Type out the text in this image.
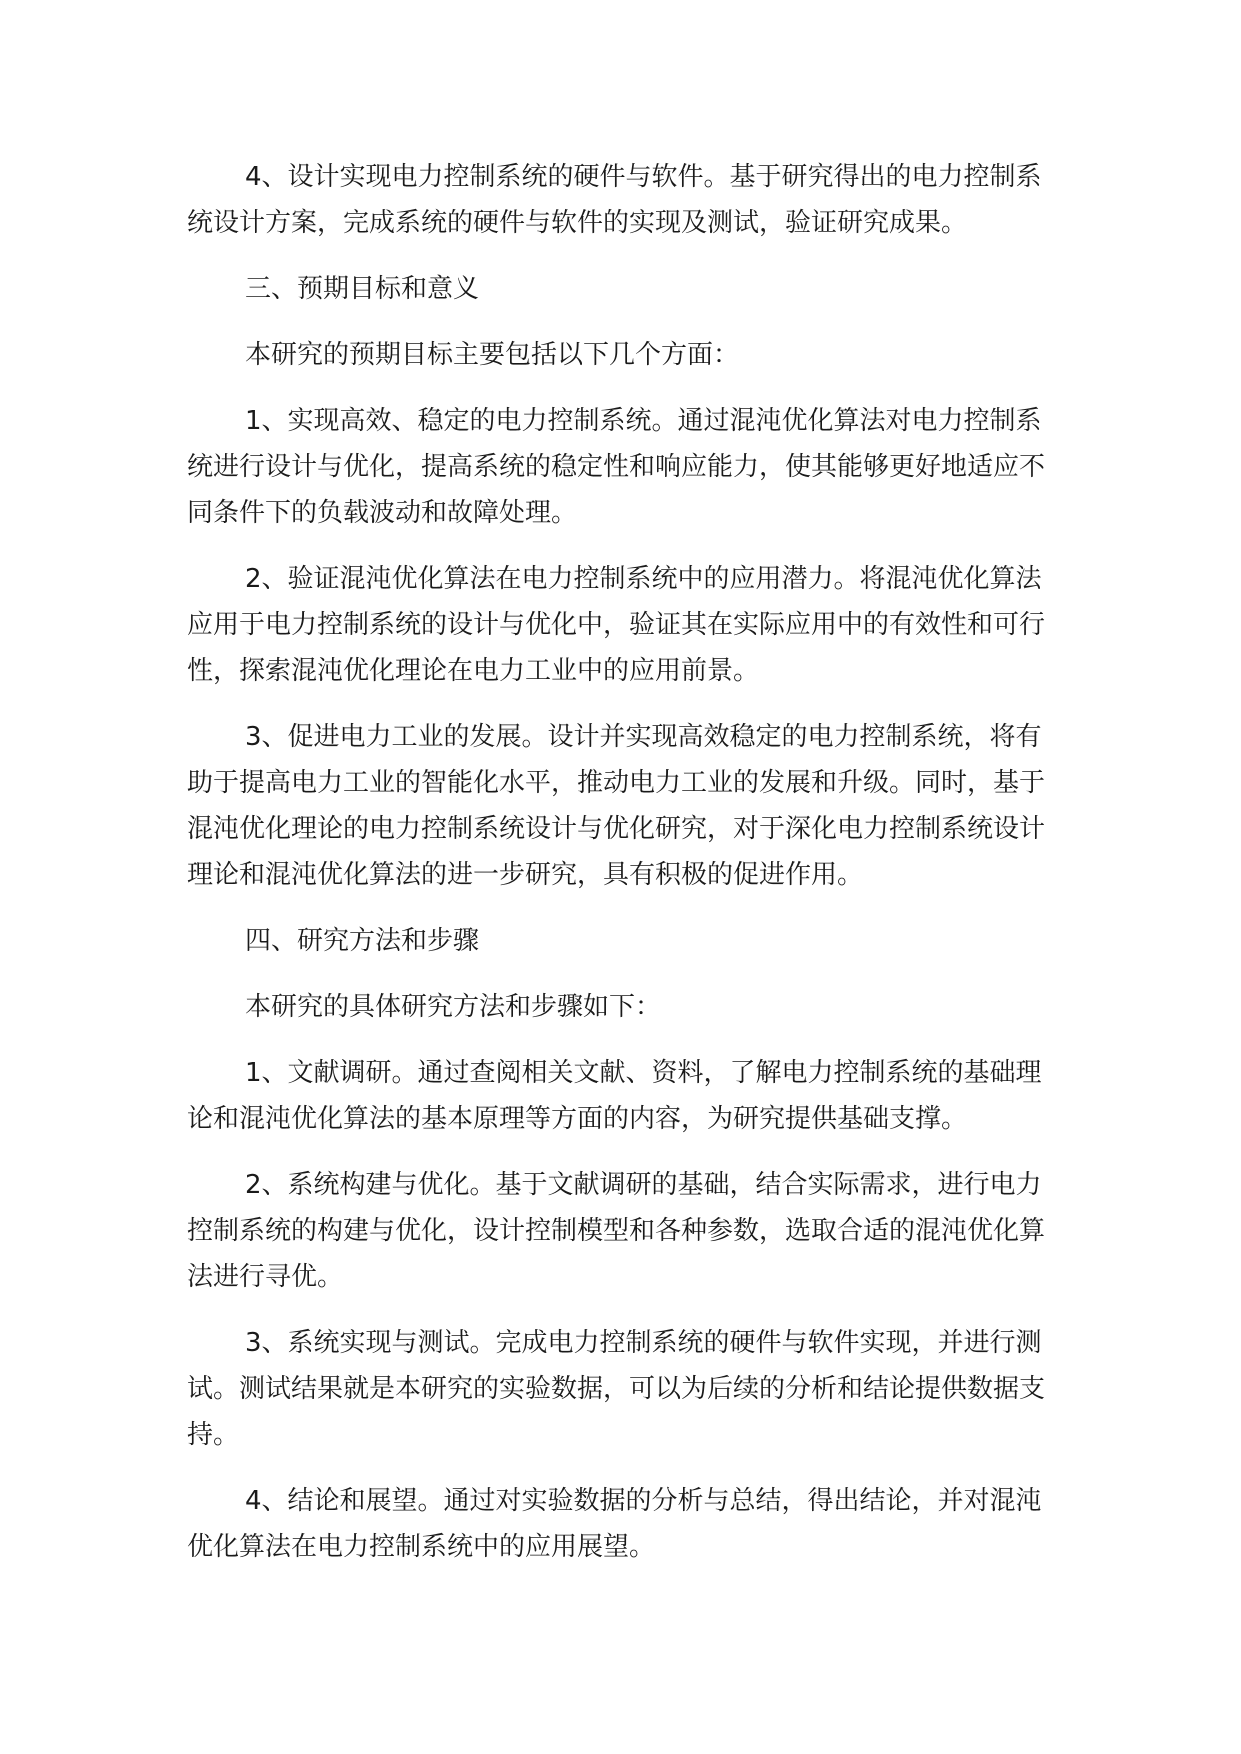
4、设计实现电力控制系统的硬件与软件。基于研究得出的电力控制系统设计方案，完成系统的硬件与软件的实现及测试，验证研究成果。

三、预期目标和意义

本研究的预期目标主要包括以下几个方面：

1、实现高效、稳定的电力控制系统。通过混沌优化算法对电力控制系统进行设计与优化，提高系统的稳定性和响应能力，使其能够更好地适应不同条件下的负载波动和故障处理。

2、验证混沌优化算法在电力控制系统中的应用潜力。将混沌优化算法应用于电力控制系统的设计与优化中，验证其在实际应用中的有效性和可行性，探索混沌优化理论在电力工业中的应用前景。

3、促进电力工业的发展。设计并实现高效稳定的电力控制系统，将有助于提高电力工业的智能化水平，推动电力工业的发展和升级。同时，基于混沌优化理论的电力控制系统设计与优化研究，对于深化电力控制系统设计理论和混沌优化算法的进一步研究，具有积极的促进作用。

四、研究方法和步骤

本研究的具体研究方法和步骤如下：

1、文献调研。通过查阅相关文献、资料，了解电力控制系统的基础理论和混沌优化算法的基本原理等方面的内容，为研究提供基础支撑。

2、系统构建与优化。基于文献调研的基础，结合实际需求，进行电力控制系统的构建与优化，设计控制模型和各种参数，选取合适的混沌优化算法进行寻优。

3、系统实现与测试。完成电力控制系统的硬件与软件实现，并进行测试。测试结果就是本研究的实验数据，可以为后续的分析和结论提供数据支持。

4、结论和展望。通过对实验数据的分析与总结，得出结论，并对混沌优化算法在电力控制系统中的应用展望。
